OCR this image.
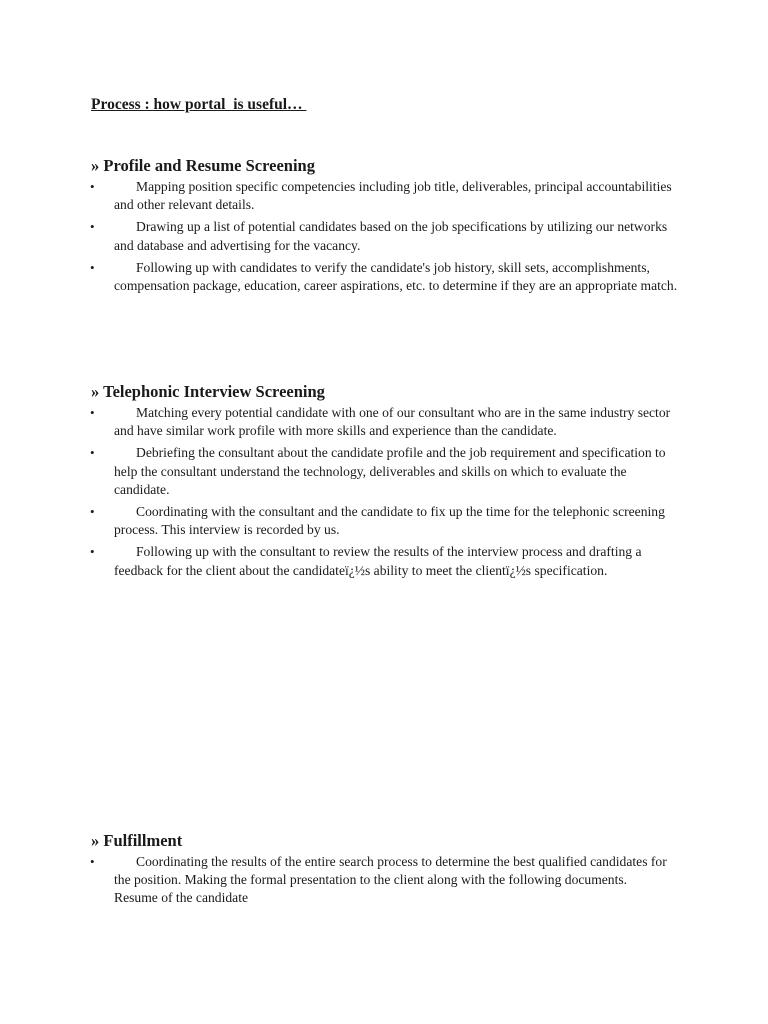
Process : how portal  is useful…
» Profile and Resume Screening
•	Mapping position specific competencies including job title, deliverables, principal accountabilities and other relevant details.
•	Drawing up a list of potential candidates based on the job specifications by utilizing our networks and database and advertising for the vacancy.
•	Following up with candidates to verify the candidate's job history, skill sets, accomplishments, compensation package, education, career aspirations, etc. to determine if they are an appropriate match.
» Telephonic Interview Screening
•	Matching every potential candidate with one of our consultant who are in the same industry sector and have similar work profile with more skills and experience than the candidate.
•	Debriefing the consultant about the candidate profile and the job requirement and specification to help the consultant understand the technology, deliverables and skills on which to evaluate the candidate.
•	Coordinating with the consultant and the candidate to fix up the time for the telephonic screening process. This interview is recorded by us.
•	Following up with the consultant to review the results of the interview process and drafting a feedback for the client about the candidateï¿½s ability to meet the clientï¿½s specification.
» Fulfillment
•	Coordinating the results of the entire search process to determine the best qualified candidates for the position. Making the formal presentation to the client along with the following documents.
Resume of the candidate
